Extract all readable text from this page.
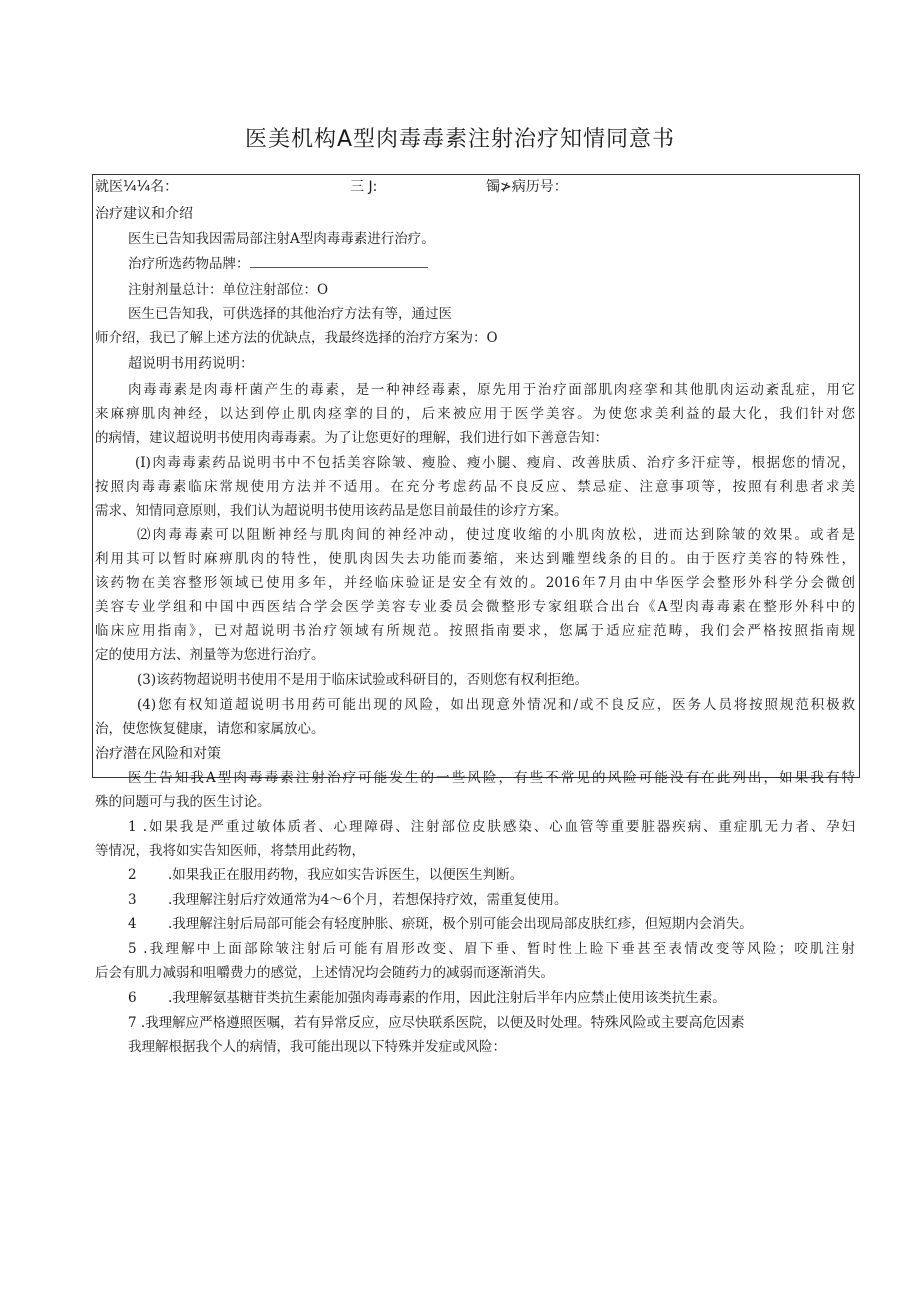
医美机构A型肉毒毒素注射治疗知情同意书
就医¼¼名：	三 J:	镯≯病历号：
治疗建议和介绍
医生已告知我因需局部注射A型肉毒毒素进行治疗。
治疗所选药物品牌：
注射剂量总计：单位注射部位：O
医生已告知我，可供选择的其他治疗方法有等，通过医
师介绍，我已了解上述方法的优缺点，我最终选择的治疗方案为：O
超说明书用药说明：
肉毒毒素是肉毒杆菌产生的毒素，是一种神经毒素，原先用于治疗面部肌肉痉挛和其他肌肉运动紊乱症，用它
来麻痹肌肉神经，以达到停止肌肉痉挛的目的，后来被应用于医学美容。为使您求美利益的最大化，我们针对您
的病情，建议超说明书使用肉毒毒素。为了让您更好的理解，我们进行如下善意告知：
(I)肉毒毒素药品说明书中不包括美容除皱、瘦脸、瘦小腿、瘦肩、改善肤质、治疗多汗症等，根据您的情况，
按照肉毒毒素临床常规使用方法并不适用。在充分考虑药品不良反应、禁忌症、注意事项等，按照有利患者求美
需求、知情同意原则，我们认为超说明书使用该药品是您目前最佳的诊疗方案。
⑵肉毒毒素可以阻断神经与肌肉间的神经冲动，使过度收缩的小肌肉放松，进而达到除皱的效果。或者是
利用其可以暂时麻痹肌肉的特性，使肌肉因失去功能而萎缩，来达到雕塑线条的目的。由于医疗美容的特殊性，
该药物在美容整形领域已使用多年，并经临床验证是安全有效的。2016年7月由中华医学会整形外科学分会微创
美容专业学组和中国中西医结合学会医学美容专业委员会微整形专家组联合出台《A型肉毒毒素在整形外科中的
临床应用指南》，已对超说明书治疗领域有所规范。按照指南要求，您属于适应症范畴，我们会严格按照指南规
定的使用方法、剂量等为您进行治疗。
(3)该药物超说明书使用不是用于临床试验或科研目的，否则您有权利拒绝。
(4)您有权知道超说明书用药可能出现的风险，如出现意外情况和/或不良反应，医务人员将按照规范积极救
治，使您恢复健康，请您和家属放心。
治疗潜在风险和对策
医生告知我A型肉毒毒素注射治疗可能发生的一些风险，有些不常见的风险可能没有在此列出，如果我有特
殊的问题可与我的医生讨论。
1 .如果我是严重过敏体质者、心理障碍、注射部位皮肤感染、心血管等重要脏器疾病、重症肌无力者、孕妇
等情况，我将如实告知医师，将禁用此药物，
2 .如果我正在服用药物，我应如实告诉医生，以便医生判断。
3 .我理解注射后疗效通常为4～6个月，若想保持疗效，需重复使用。
4 .我理解注射后局部可能会有轻度肿胀、瘀斑，极个别可能会出现局部皮肤红疹，但短期内会消失。
5 .我理解中上面部除皱注射后可能有眉形改变、眉下垂、暂时性上睑下垂甚至表情改变等风险；咬肌注射
后会有肌力减弱和咀嚼费力的感觉，上述情况均会随药力的减弱而逐渐消失。
6 .我理解氨基糖苷类抗生素能加强肉毒毒素的作用，因此注射后半年内应禁止使用该类抗生素。
7 .我理解应严格遵照医嘱，若有异常反应，应尽快联系医院，以便及时处理。特殊风险或主要高危因素
我理解根据我个人的病情，我可能出现以下特殊并发症或风险：
